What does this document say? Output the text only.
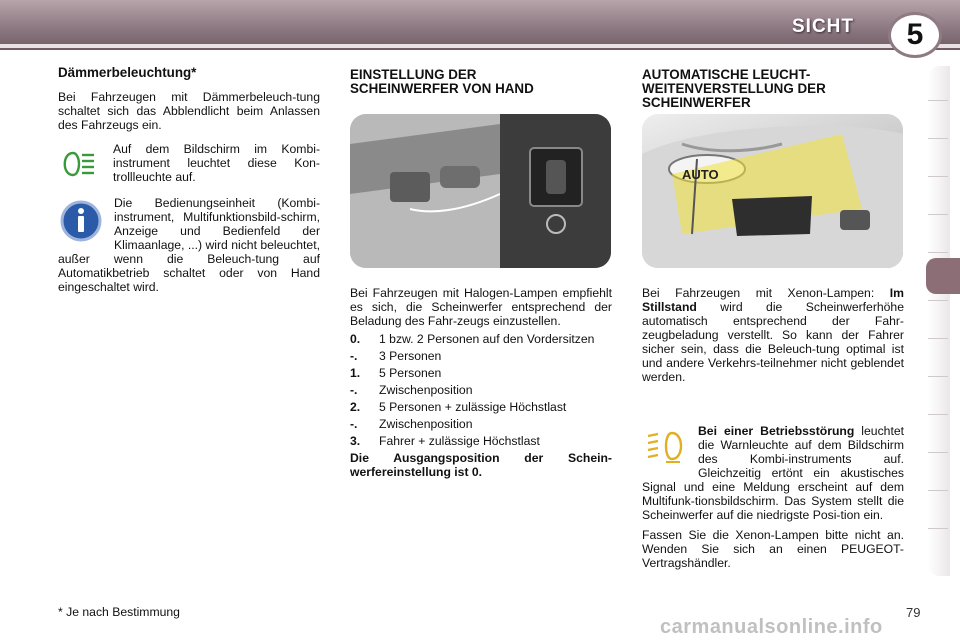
SICHT	5
Dämmerbeleuchtung*

Bei Fahrzeugen mit Dämmerbeleuch-tung schaltet sich das Abblendlicht beim Anlassen des Fahrzeugs ein.

Auf dem Bildschirm im Kombi-instrument leuchtet diese Kon-trollleuchte auf.

Die Bedienungseinheit (Kombi-instrument, Multifunktionsbild-schirm, Anzeige und Bedienfeld der Klimaanlage, ...) wird nicht beleuchtet, außer wenn die Beleuch-tung auf Automatikbetrieb schaltet oder von Hand eingeschaltet wird.

EINSTELLUNG DER
SCHEINWERFER VON HAND

Bei Fahrzeugen mit Halogen-Lampen empfiehlt es sich, die Scheinwerfer entsprechend der Beladung des Fahr-zeugs einzustellen.

0.	1 bzw. 2 Personen auf den Vordersitzen
-.	3 Personen
1.	5 Personen
-.	Zwischenposition
2.	5 Personen + zulässige Höchstlast
-.	Zwischenposition
3.	Fahrer + zulässige Höchstlast

Die Ausgangsposition der Schein-werfereinstellung ist 0.

AUTOMATISCHE LEUCHT-
WEITENVERSTELLUNG DER
SCHEINWERFER
AUTO

Bei Fahrzeugen mit Xenon-Lampen: Im Stillstand wird die Scheinwerferhöhe automatisch entsprechend der Fahr-zeugbeladung verstellt. So kann der Fahrer sicher sein, dass die Beleuch-tung optimal ist und andere Verkehrs-teilnehmer nicht geblendet werden.

Bei einer Betriebsstörung leuchtet die Warnleuchte auf dem Bildschirm des Kombi-instruments auf. Gleichzeitig ertönt ein akustisches Signal und eine Meldung erscheint auf dem Multifunk-tionsbildschirm. Das System stellt die Scheinwerfer auf die niedrigste Posi-tion ein.

Fassen Sie die Xenon-Lampen bitte nicht an. Wenden Sie sich an einen PEUGEOT-Vertragshändler.

* Je nach Bestimmung	79
carmanualsonline.info
